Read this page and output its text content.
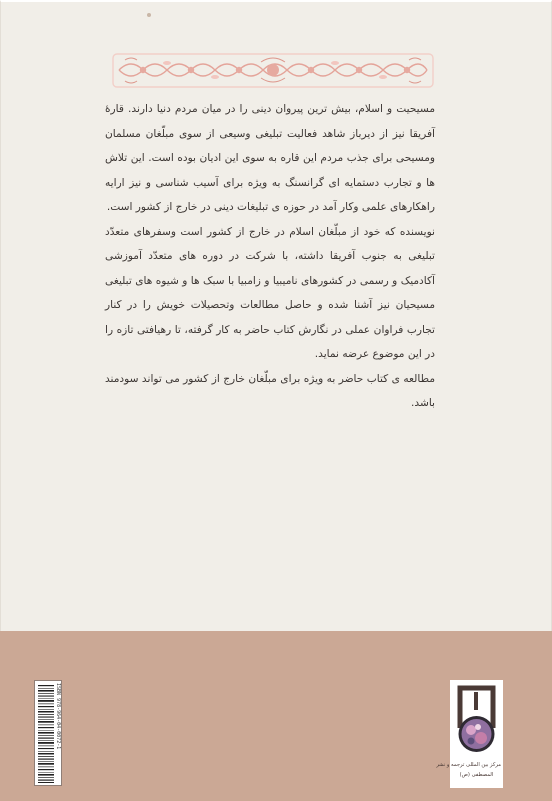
مسیحیت و اسلام، بیش ترین پیروان دینی را در میان مردم دنیا دارند. قارهٔ آفریقا نیز از دیرباز شاهد فعالیت تبلیغی وسیعی از سوی مبلّغان مسلمان ومسیحی برای جذب مردم این قاره به سوی این ادیان بوده است. این تلاش ها و تجارب دستمایه ای گرانسنگ به ویژه برای آسیب شناسی و نیز ارایه راهکارهای علمی وکار آمد در حوزه ی تبلیغات دینی در خارج از کشور است.

نویسنده که خود از مبلّغان اسلام در خارج از کشور است وسفرهای متعدّد تبلیغی به جنوب آفریقا داشته، با شرکت در دوره های متعدّد آموزشی آکادمیک و رسمی در کشورهای نامیبیا و زامبیا با سبک ها و شیوه های تبلیغی مسیحیان نیز آشنا شده و حاصل مطالعات وتحصیلات خویش را در کنار تجارب فراوان عملی در نگارش کتاب حاضر به کار گرفته، تا رهیافتی تازه را در این موضوع عرضه نماید.

مطالعه ی کتاب حاضر به ویژه برای مبلّغان خارج از کشور می تواند سودمند باشد.

ISBN 978-964-04-0072-1
مرکز بین المللی ترجمه و نشر
المصطفی (ص)
